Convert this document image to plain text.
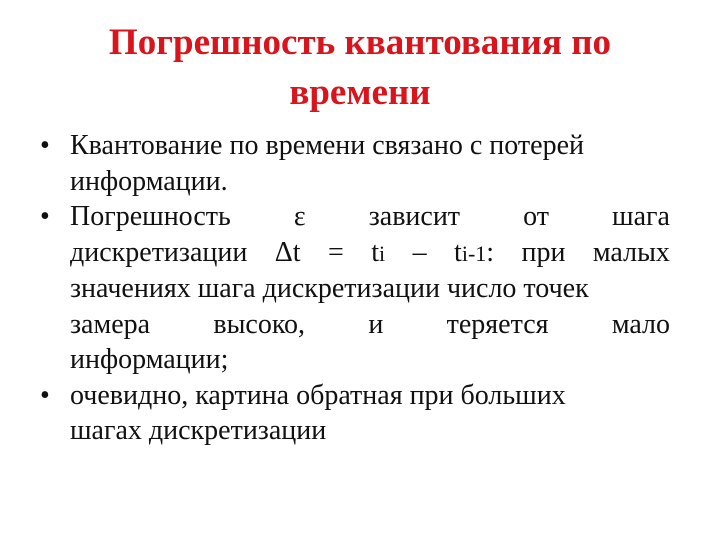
Погрешность квантования по
времени
• Квантование по времени связано с потерей
информации.
• Погрешность ε зависит от шага
дискретизации Δt = ti – ti-1: при малых
значениях шага дискретизации число точек
замера высоко, и теряется мало
информации;
• очевидно, картина обратная при больших
шагах дискретизации
